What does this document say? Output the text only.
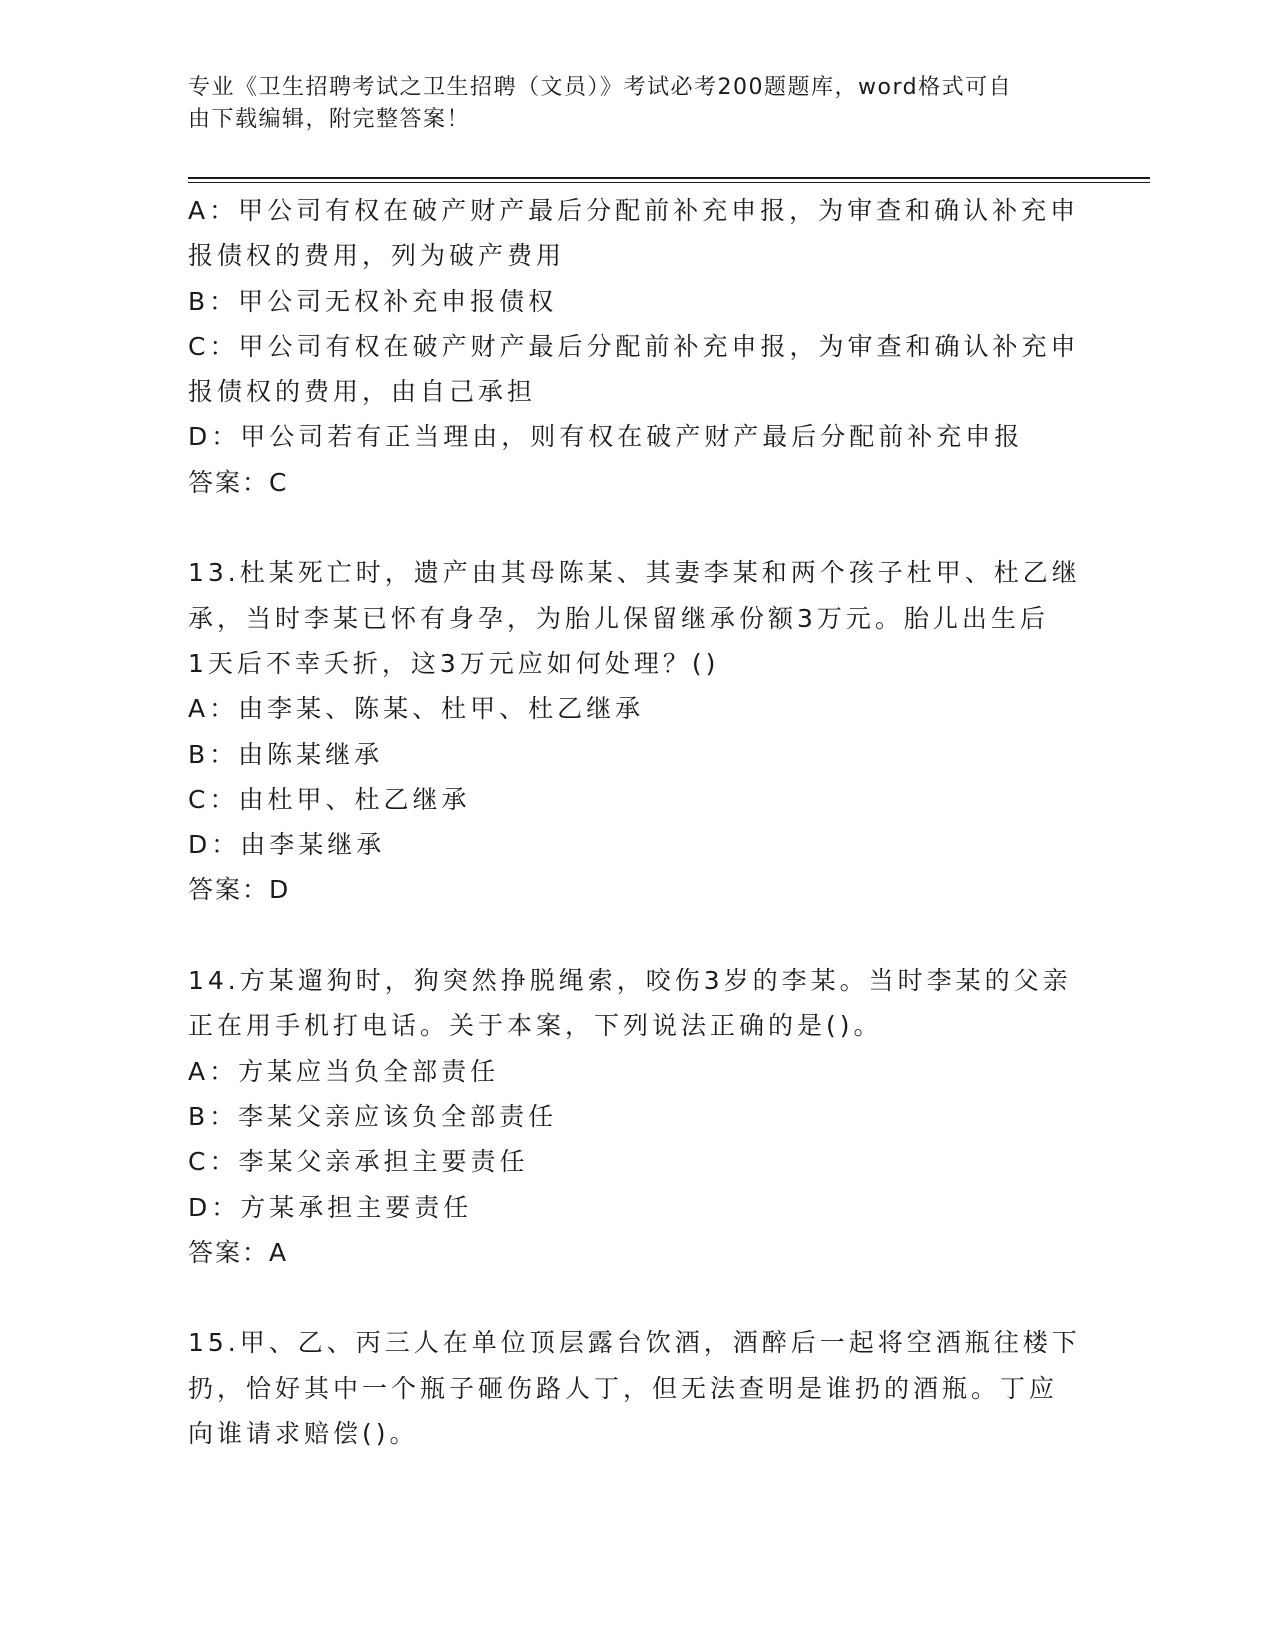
专业《卫生招聘考试之卫生招聘（文员）》考试必考200题题库，word格式可自
由下载编辑，附完整答案！
A：甲公司有权在破产财产最后分配前补充申报，为审查和确认补充申
报债权的费用，列为破产费用
B：甲公司无权补充申报债权
C：甲公司有权在破产财产最后分配前补充申报，为审查和确认补充申
报债权的费用，由自己承担
D：甲公司若有正当理由，则有权在破产财产最后分配前补充申报
答案：C
13.杜某死亡时，遗产由其母陈某、其妻李某和两个孩子杜甲、杜乙继
承，当时李某已怀有身孕，为胎儿保留继承份额3万元。胎儿出生后
1天后不幸夭折，这3万元应如何处理？()
A：由李某、陈某、杜甲、杜乙继承
B：由陈某继承
C：由杜甲、杜乙继承
D：由李某继承
答案：D
14.方某遛狗时，狗突然挣脱绳索，咬伤3岁的李某。当时李某的父亲
正在用手机打电话。关于本案，下列说法正确的是()。
A：方某应当负全部责任
B：李某父亲应该负全部责任
C：李某父亲承担主要责任
D：方某承担主要责任
答案：A
15.甲、乙、丙三人在单位顶层露台饮酒，酒醉后一起将空酒瓶往楼下
扔，恰好其中一个瓶子砸伤路人丁，但无法查明是谁扔的酒瓶。丁应
向谁请求赔偿()。
